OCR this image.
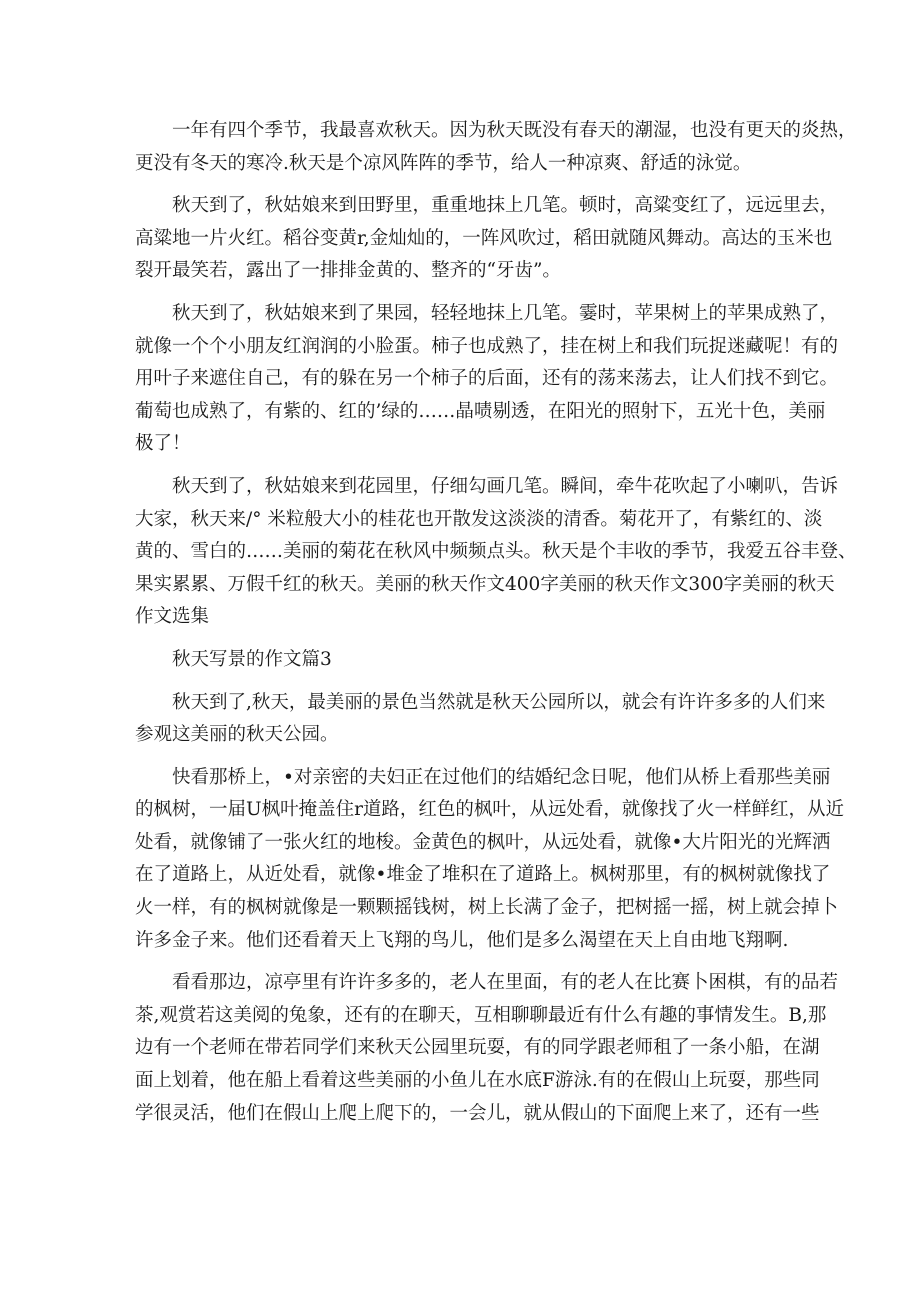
　　一年有四个季节，我最喜欢秋天。因为秋天既没有春天的潮湿，也没有更天的炎热，
更没有冬天的寒冷.秋天是个凉风阵阵的季节，给人一种凉爽、舒适的泳觉。
　　秋天到了，秋姑娘来到田野里，重重地抹上几笔。顿时，高粱变红了，远远里去，
高粱地一片火红。稻谷变黄r,金灿灿的，一阵风吹过，稻田就随风舞动。高达的玉米也
裂开最笑若，露出了一排排金黄的、整齐的“牙齿”。
　　秋天到了，秋姑娘来到了果园，轻轻地抹上几笔。霎时，苹果树上的苹果成熟了，
就像一个个小朋友红润润的小脸蛋。柿子也成熟了，挂在树上和我们玩捉迷藏呢！有的
用叶子来遮住自己，有的躲在另一个柿子的后面，还有的荡来荡去，让人们找不到它。
葡萄也成熟了，有紫的、红的’绿的……晶啧剔透，在阳光的照射下，五光十色，美丽
极了！
　　秋天到了，秋姑娘来到花园里，仔细勾画几笔。瞬间，牵牛花吹起了小喇叭，告诉
大家，秋天来/° 米粒般大小的桂花也开散发这淡淡的清香。菊花开了，有紫红的、淡
黄的、雪白的……美丽的菊花在秋风中频频点头。秋天是个丰收的季节，我爱五谷丰登、
果实累累、万假千红的秋天。美丽的秋天作文400字美丽的秋天作文300字美丽的秋天
作文选集
　　秋天写景的作文篇3
　　秋天到了,秋天，最美丽的景色当然就是秋天公园所以，就会有许许多多的人们来
参观这美丽的秋天公园。
　　快看那桥上，•对亲密的夫妇正在过他们的结婚纪念日呢，他们从桥上看那些美丽
的枫树，一届U枫叶掩盖住r道路，红色的枫叶，从远处看，就像找了火一样鲜红，从近
处看，就像铺了一张火红的地梭。金黄色的枫叶，从远处看，就像•大片阳光的光辉洒
在了道路上，从近处看，就像•堆金了堆积在了道路上。枫树那里，有的枫树就像找了
火一样，有的枫树就像是一颗颗摇钱树，树上长满了金子，把树摇一摇，树上就会掉卜
许多金子来。他们还看着天上飞翔的鸟儿，他们是多么渴望在天上自由地飞翔啊.
　　看看那边，凉亭里有许许多多的，老人在里面，有的老人在比赛卜困棋，有的品若
茶,观赏若这美阅的兔象，还有的在聊天，互相聊聊最近有什么有趣的事情发生。B,那
边有一个老师在带若同学们来秋天公园里玩耍，有的同学跟老师租了一条小船，在湖
面上划着，他在船上看着这些美丽的小鱼儿在水底F游泳.有的在假山上玩耍，那些同
学很灵活，他们在假山上爬上爬下的，一会儿，就从假山的下面爬上来了，还有一些
